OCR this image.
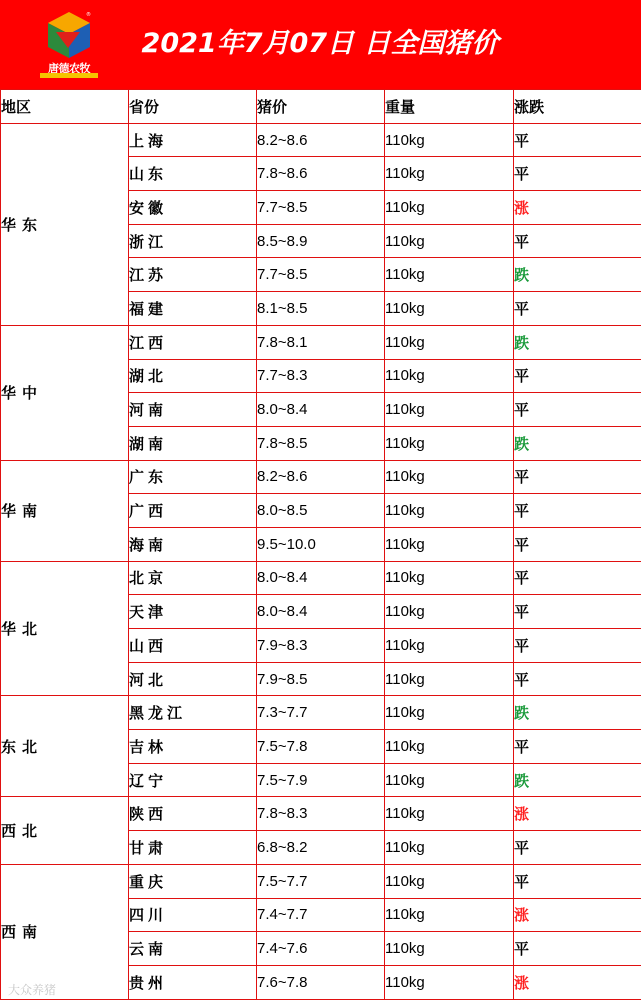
®
唐德农牧
2021年7月07日 日全国猪价
地区	省份	猪价	重量	涨跌
华东	上海	8.2~8.6	110kg	平
	山东	7.8~8.6	110kg	平
	安徽	7.7~8.5	110kg	涨
	浙江	8.5~8.9	110kg	平
	江苏	7.7~8.5	110kg	跌
	福建	8.1~8.5	110kg	平
华中	江西	7.8~8.1	110kg	跌
	湖北	7.7~8.3	110kg	平
	河南	8.0~8.4	110kg	平
	湖南	7.8~8.5	110kg	跌
华南	广东	8.2~8.6	110kg	平
	广西	8.0~8.5	110kg	平
	海南	9.5~10.0	110kg	平
华北	北京	8.0~8.4	110kg	平
	天津	8.0~8.4	110kg	平
	山西	7.9~8.3	110kg	平
	河北	7.9~8.5	110kg	平
东北	黑龙江	7.3~7.7	110kg	跌
	吉林	7.5~7.8	110kg	平
	辽宁	7.5~7.9	110kg	跌
西北	陕西	7.8~8.3	110kg	涨
	甘肃	6.8~8.2	110kg	平
西南	重庆	7.5~7.7	110kg	平
	四川	7.4~7.7	110kg	涨
	云南	7.4~7.6	110kg	平
	贵州	7.6~7.8	110kg	涨
大众养猪
